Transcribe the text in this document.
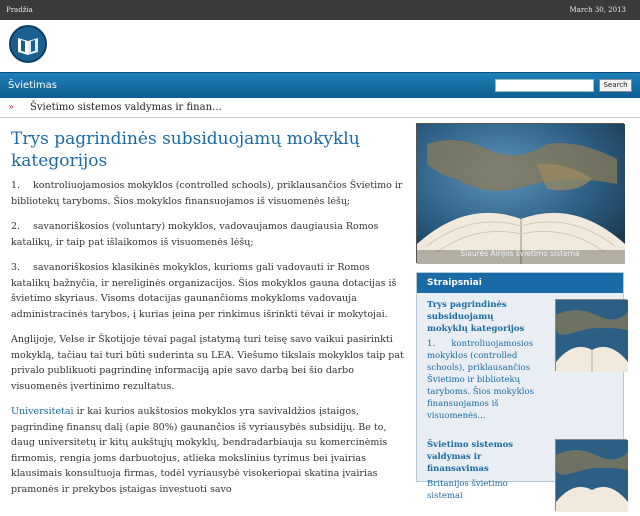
Pradžia	March 30, 2013
Švietimas	Search
» Švietimo sistemos valdymas ir finan…
Trys pagrindinės subsiduojamų mokyklų kategorijos

1. kontroliuojamosios mokyklos (controlled schools), priklausančios Švietimo ir bibliotekų taryboms. Šios mokyklos finansuojamos iš visuomenės lėšų;

2. savanoriškosios (voluntary) mokyklos, vadovaujamos daugiausia Romos katalikų, ir taip pat išlaikomos iš visuomenės lėšų;

3. savanoriškosios klasikinės mokyklos, kurioms gali vadovauti ir Romos katalikų bažnyčia, ir nereliginės organizacijos. Šios mokyklos gauna dotacijas iš švietimo skyriaus. Visoms dotacijas gaunančioms mokykloms vadovauja administracinės tarybos, į kurias įeina per rinkimus išrinkti tėvai ir mokytojai.

Anglijoje, Velse ir Škotijoje tėvai pagal įstatymą turi teisę savo vaikui pasirinkti mokyklą, tačiau tai turi būti suderinta su LEA. Viešumo tikslais mokyklos taip pat privalo publikuoti pagrindinę informaciją apie savo darbą bei šio darbo visuomenės įvertinimo rezultatus.

Universitetai ir kai kurios aukštosios mokyklos yra savivaldžios įstaigos, pagrindinę finansų dalį (apie 80%) gaunančios iš vyriausybės subsidijų. Be to, daug universitetų ir kitų aukštųjų mokyklų, bendradarbiauja su komercinėmis firmomis, rengia joms darbuotojus, atlieka mokslinius tyrimus bei įvairias klausimais konsultuoja firmas, todėl vyriausybė visokeriopai skatina įvairias pramonės ir prekybos įstaigas investuoti savo

Šiaurės Airijos švietimo sistema
Straipsniai
Trys pagrindinės subsiduojamų mokyklų kategorijos
1.      kontroliuojamosios mokyklos (controlled schools), priklausančios Švietimo ir bibliotekų taryboms. Šios mokyklos finansuojamos iš visuomenės...
Švietimo sistemos valdymas ir finansavimas
Britanijos švietimo sistemai
